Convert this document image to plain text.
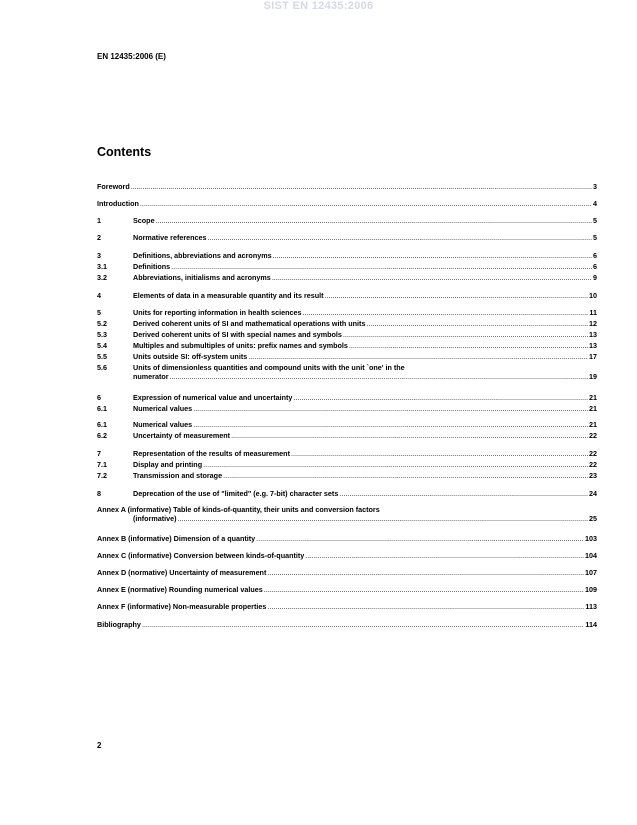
SIST EN 12435:2006
EN 12435:2006 (E)
Contents
Foreword .....	3
Introduction .....	4
1	Scope .....	5
2	Normative references .....	5
3	Definitions, abbreviations and acronyms .....	6
3.1	Definitions .....	6
3.2	Abbreviations, initialisms and acronyms .....	9
4	Elements of data in a measurable quantity and its result .....	10
5	Units for reporting information in health sciences .....	11
5.2	Derived coherent units of SI and mathematical operations with units .....	12
5.3	Derived coherent units of SI with special names and symbols .....	13
5.4	Multiples and submultiples of units: prefix names and symbols .....	13
5.5	Units outside SI: off-system units .....	17
5.6	Units of dimensionless quantities and compound units with the unit `one' in the
numerator .....	19
6	Expression of numerical value and uncertainty .....	21
6.1	Numerical values .....	21
6.1	Numerical values .....	21
6.2	Uncertainty of measurement .....	22
7	Representation of the results of measurement .....	22
7.1	Display and printing .....	22
7.2	Transmission and storage .....	23
8	Deprecation of the use of "limited" (e.g. 7-bit) character sets .....	24
Annex A (informative) Table of kinds-of-quantity, their units and conversion factors
(informative) .....	25
Annex B (informative) Dimension of a quantity .....	103
Annex C (informative) Conversion between kinds-of-quantity .....	104
Annex D (normative) Uncertainty of measurement .....	107
Annex E (normative) Rounding numerical values .....	109
Annex F (informative) Non-measurable properties .....	113
Bibliography .....	114
2
